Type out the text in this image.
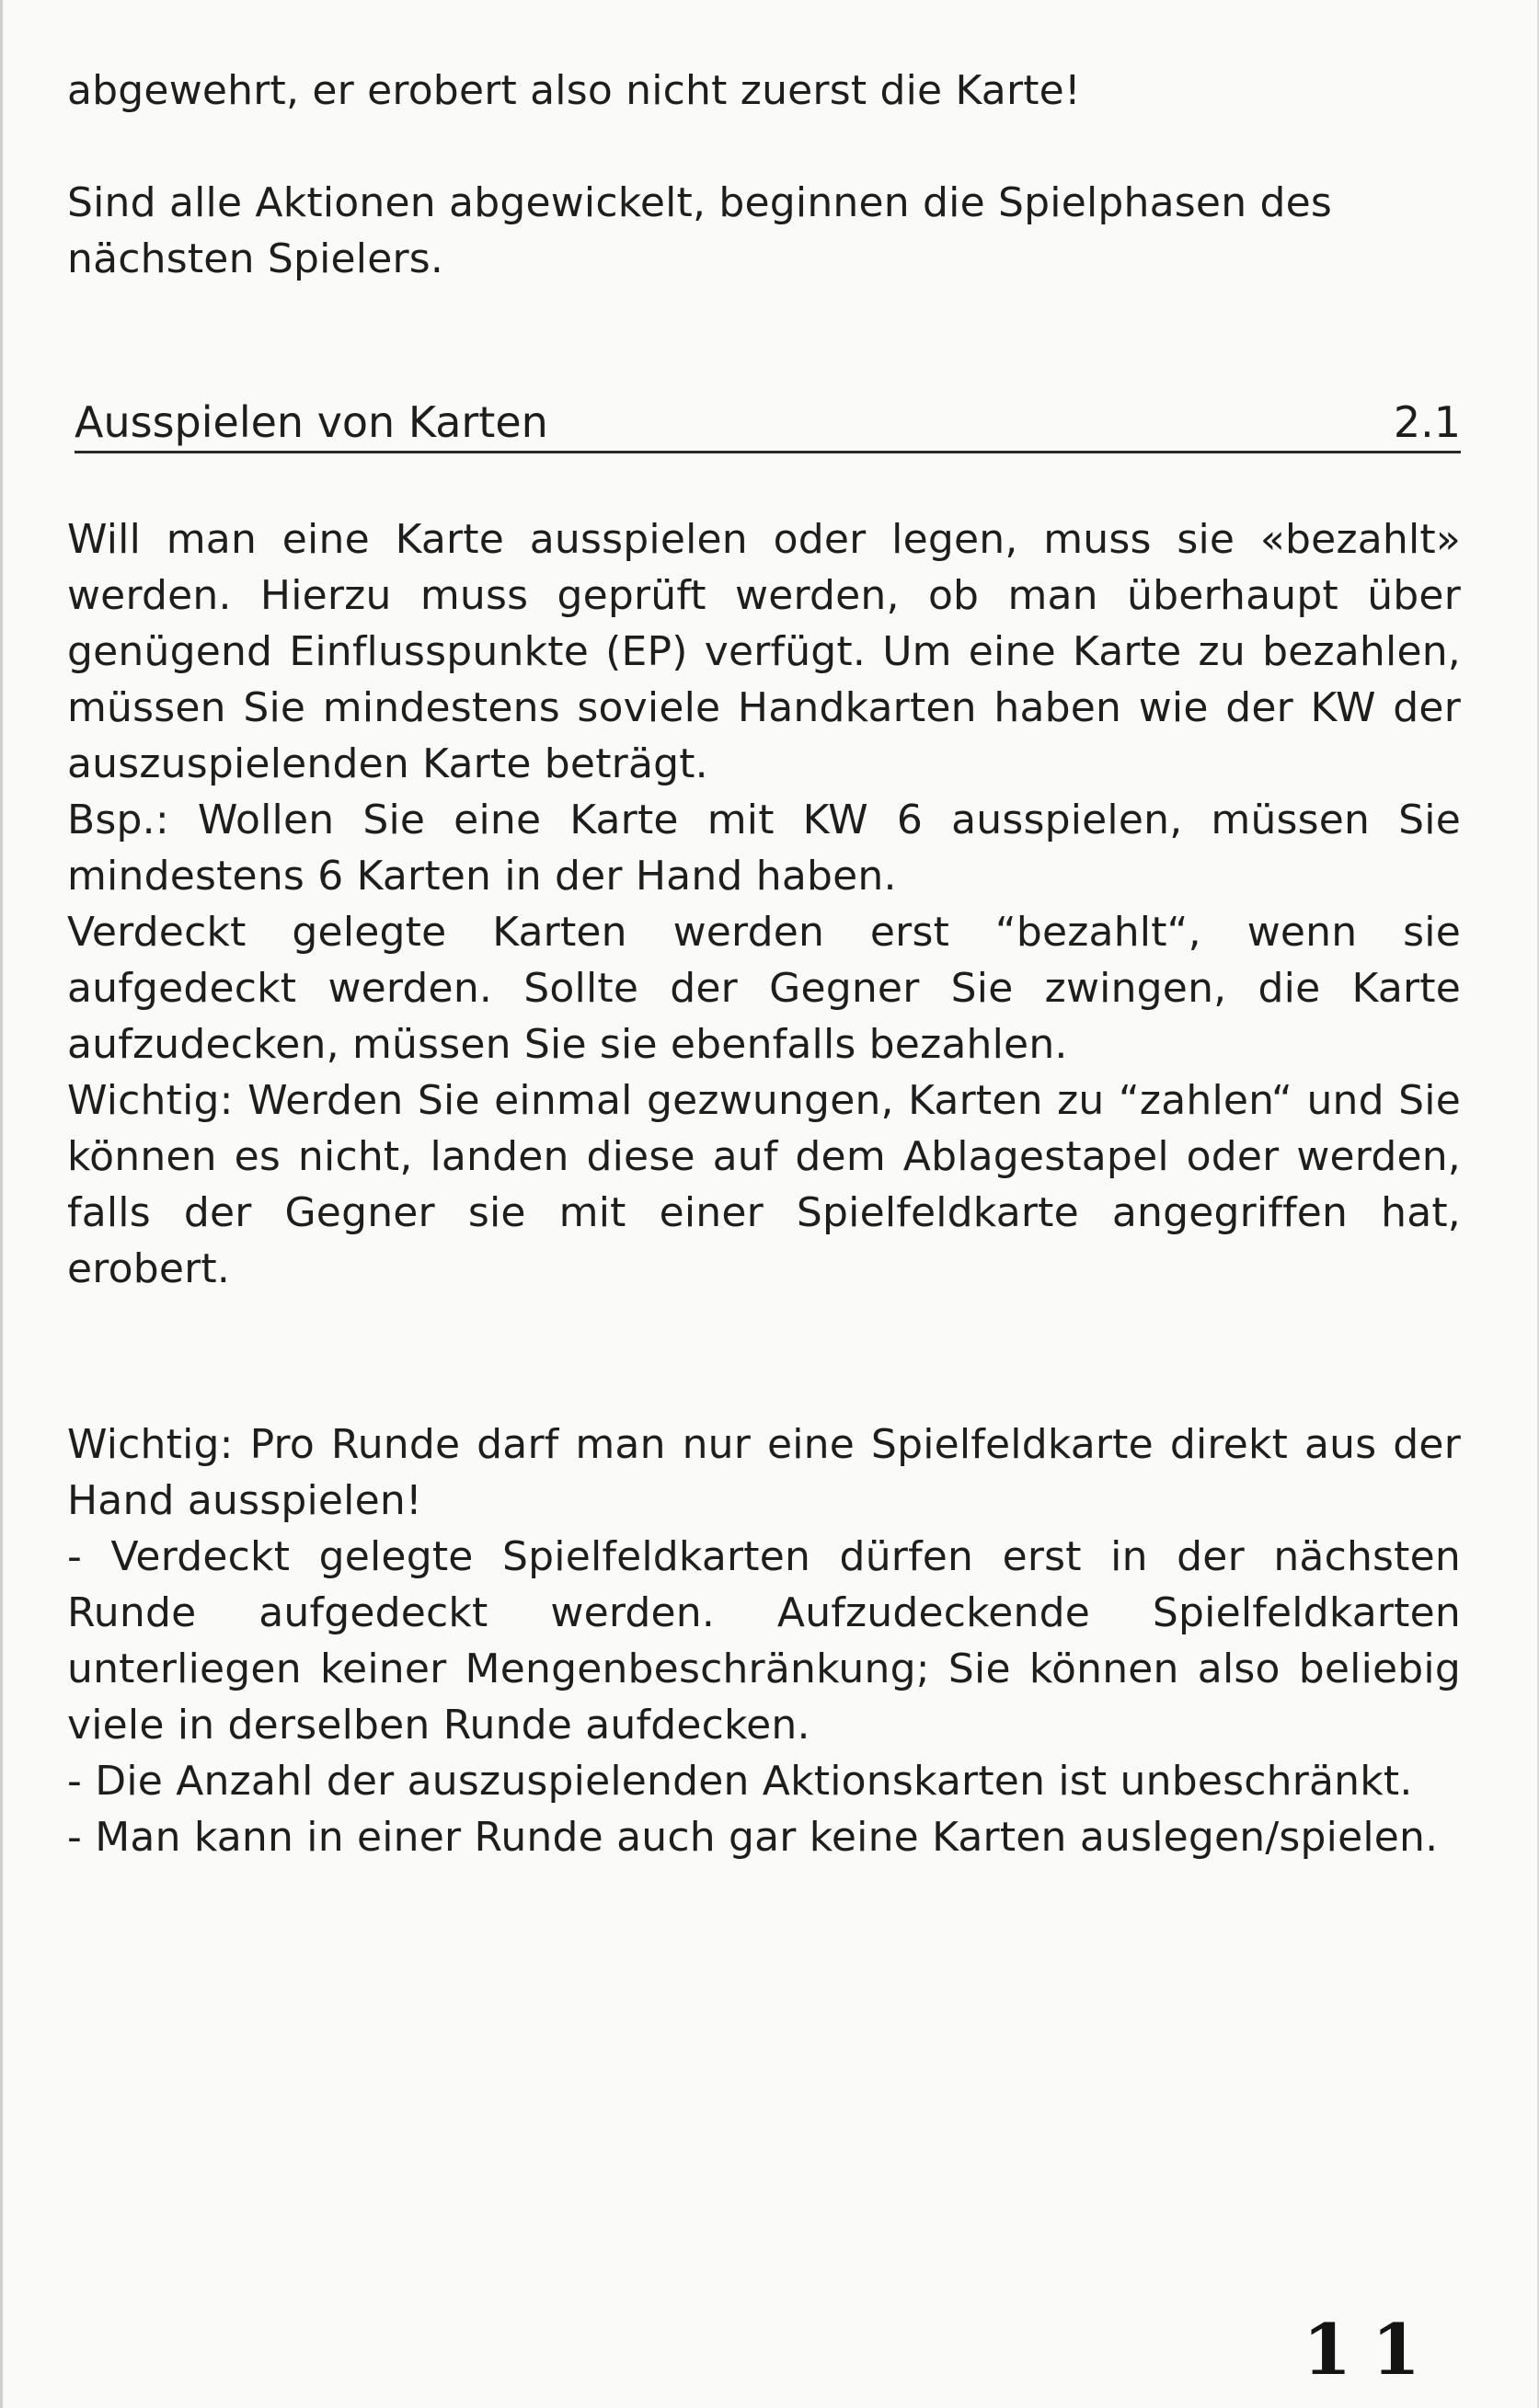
abgewehrt, er erobert also nicht zuerst die Karte!

Sind alle Aktionen abgewickelt, beginnen die Spielphasen des nächsten Spielers.

Ausspielen von Karten	2.1

Will man eine Karte ausspielen oder legen, muss sie «bezahlt» werden. Hierzu muss geprüft werden, ob man überhaupt über genügend Einflusspunkte (EP) verfügt. Um eine Karte zu bezahlen, müssen Sie mindestens soviele Handkarten haben wie der KW der auszuspielenden Karte beträgt.

Bsp.: Wollen Sie eine Karte mit KW 6 ausspielen, müssen Sie mindestens 6 Karten in der Hand haben.

Verdeckt gelegte Karten werden erst “bezahlt“, wenn sie aufgedeckt werden. Sollte der Gegner Sie zwingen, die Karte aufzudecken, müssen Sie sie ebenfalls bezahlen.

Wichtig: Werden Sie einmal gezwungen, Karten zu “zahlen“ und Sie können es nicht, landen diese auf dem Ablagestapel oder werden, falls der Gegner sie mit einer Spielfeldkarte angegriffen hat, erobert.

Wichtig: Pro Runde darf man nur eine Spielfeldkarte direkt aus der Hand ausspielen!

- Verdeckt gelegte Spielfeldkarten dürfen erst in der nächsten Runde aufgedeckt werden. Aufzudeckende Spielfeldkarten unterliegen keiner Mengenbeschränkung; Sie können also beliebig viele in derselben Runde aufdecken.

- Die Anzahl der auszuspielenden Aktionskarten ist unbeschränkt.

- Man kann in einer Runde auch gar keine Karten auslegen/spielen.

11
